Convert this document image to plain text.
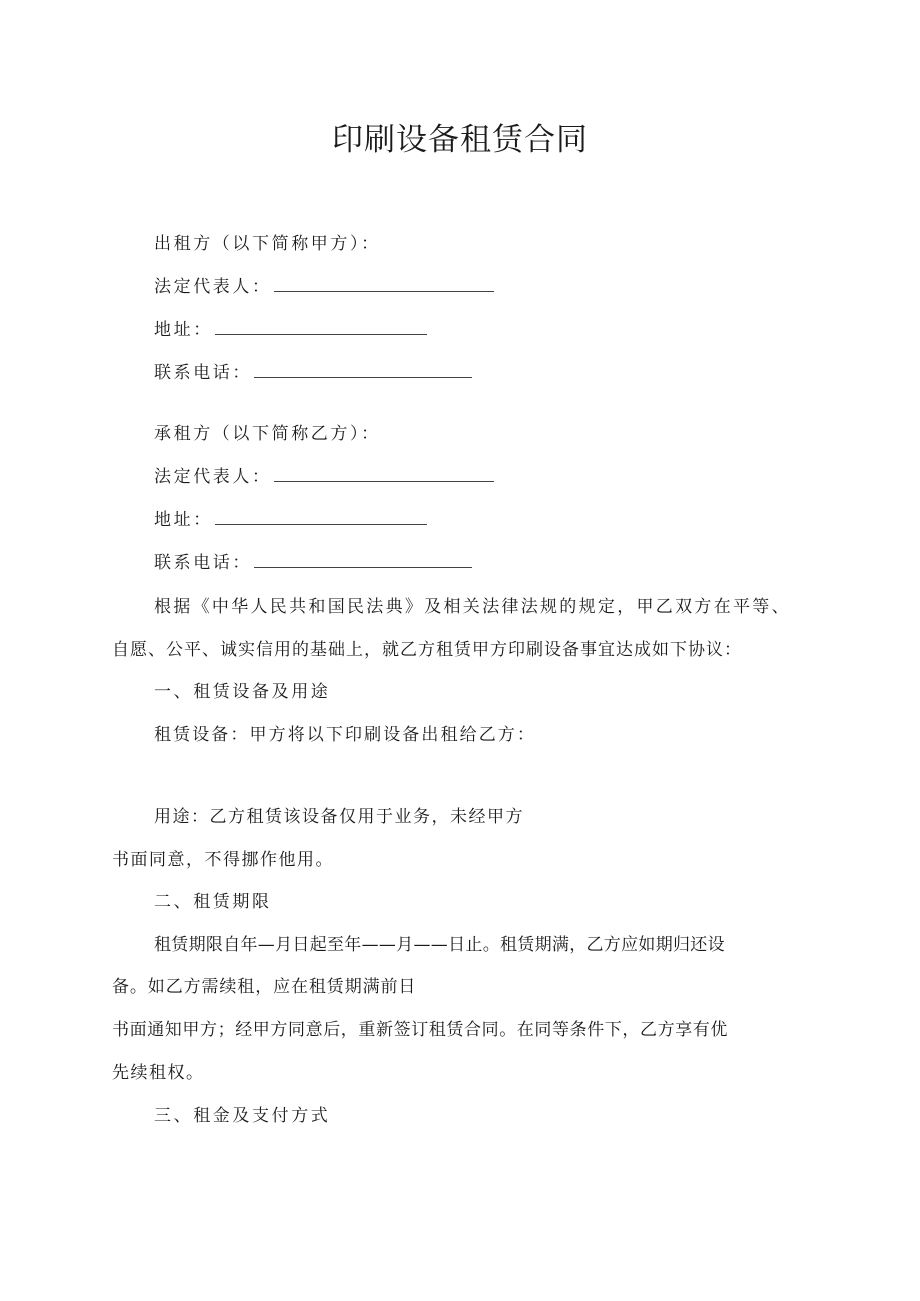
印刷设备租赁合同
出租方（以下简称甲方）：
法定代表人：
地址：
联系电话：
承租方（以下简称乙方）：
法定代表人：
地址：
联系电话：
根据《中华人民共和国民法典》及相关法律法规的规定，甲乙双方在平等、
自愿、公平、诚实信用的基础上，就乙方租赁甲方印刷设备事宜达成如下协议：
一、租赁设备及用途
租赁设备：甲方将以下印刷设备出租给乙方：
用途：乙方租赁该设备仅用于业务，未经甲方
书面同意，不得挪作他用。
二、租赁期限
租赁期限自年—月日起至年——月——日止。租赁期满，乙方应如期归还设
备。如乙方需续租，应在租赁期满前日
书面通知甲方；经甲方同意后，重新签订租赁合同。在同等条件下，乙方享有优
先续租权。
三、租金及支付方式
